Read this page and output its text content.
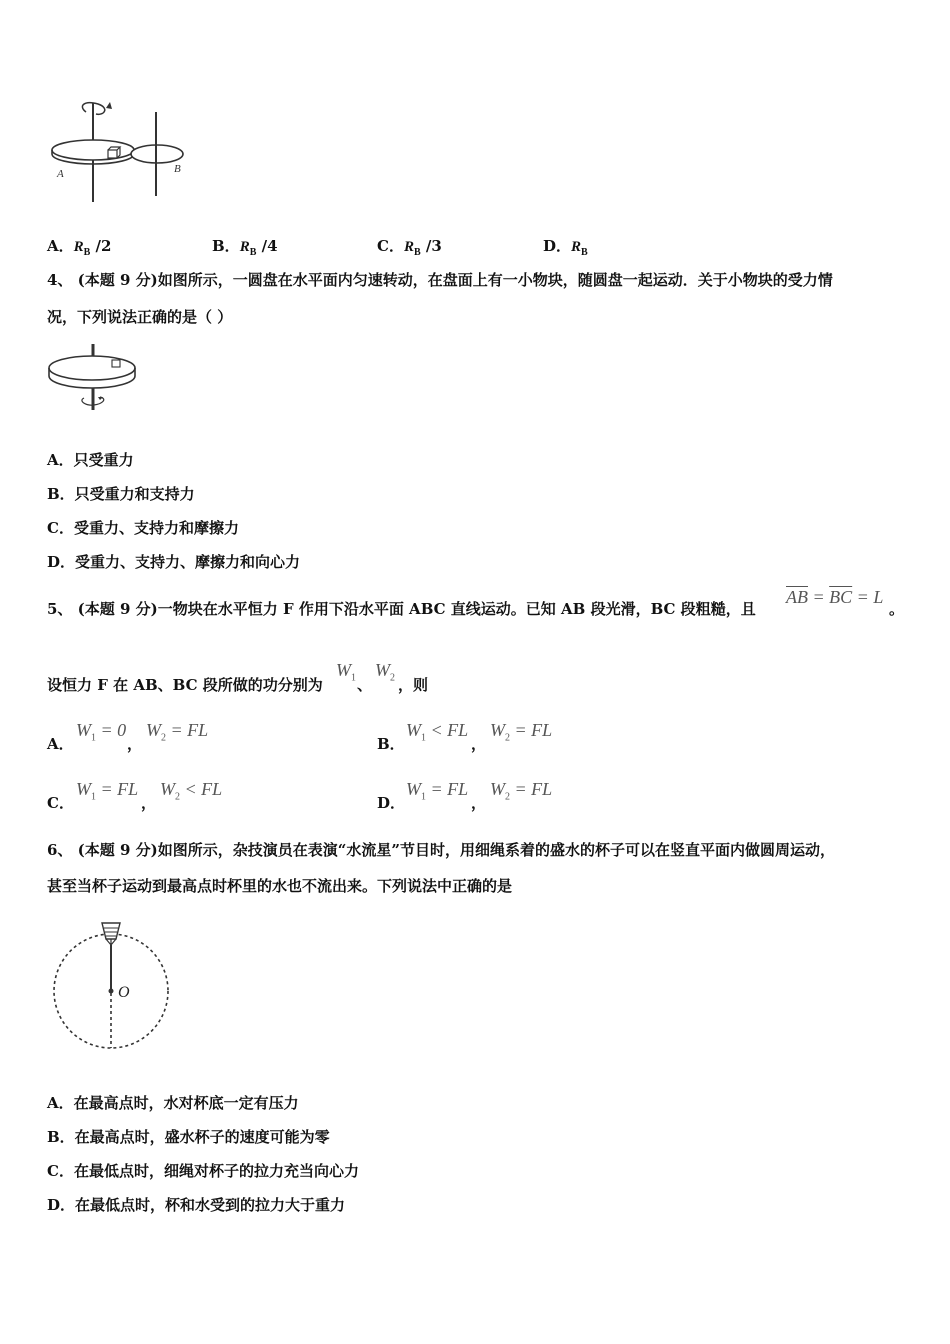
A	B
A．$R_B$ /2	B．$R_B$ /4	C．$R_B$ /3	D．$R_B$
4、 (本题 9 分)如图所示，一圆盘在水平面内匀速转动，在盘面上有一小物块，随圆盘一起运动．关于小物块的受力情
况，下列说法正确的是（ ）
A．只受重力
B．只受重力和支持力
C．受重力、支持力和摩擦力
D．受重力、支持力、摩擦力和向心力
5、 (本题 9 分)一物块在水平恒力 F 作用下沿水平面 ABC 直线运动。已知 AB 段光滑，BC 段粗糙，且
$\overline{AB} = \overline{BC} = L$
。
设恒力 F 在 AB、BC 段所做的功分别为
$W_1$ 、
$W_2$ ，则
A．
$W_1 = 0$
，
$W_2$ = FL
B．
$W_1$ < FL
，
$W_2$ = FL
C．
$W_1$ = FL
，
$W_2$ < FL
D．
$W_1$ = FL
，
$W_2$ = FL
6、 (本题 9 分)如图所示，杂技演员在表演“水流星”节目时，用细绳系着的盛水的杯子可以在竖直平面内做圆周运动，
甚至当杯子运动到最高点时杯里的水也不流出来。下列说法中正确的是
O
A．在最高点时，水对杯底一定有压力
B．在最高点时，盛水杯子的速度可能为零
C．在最低点时，细绳对杯子的拉力充当向心力
D．在最低点时，杯和水受到的拉力大于重力
